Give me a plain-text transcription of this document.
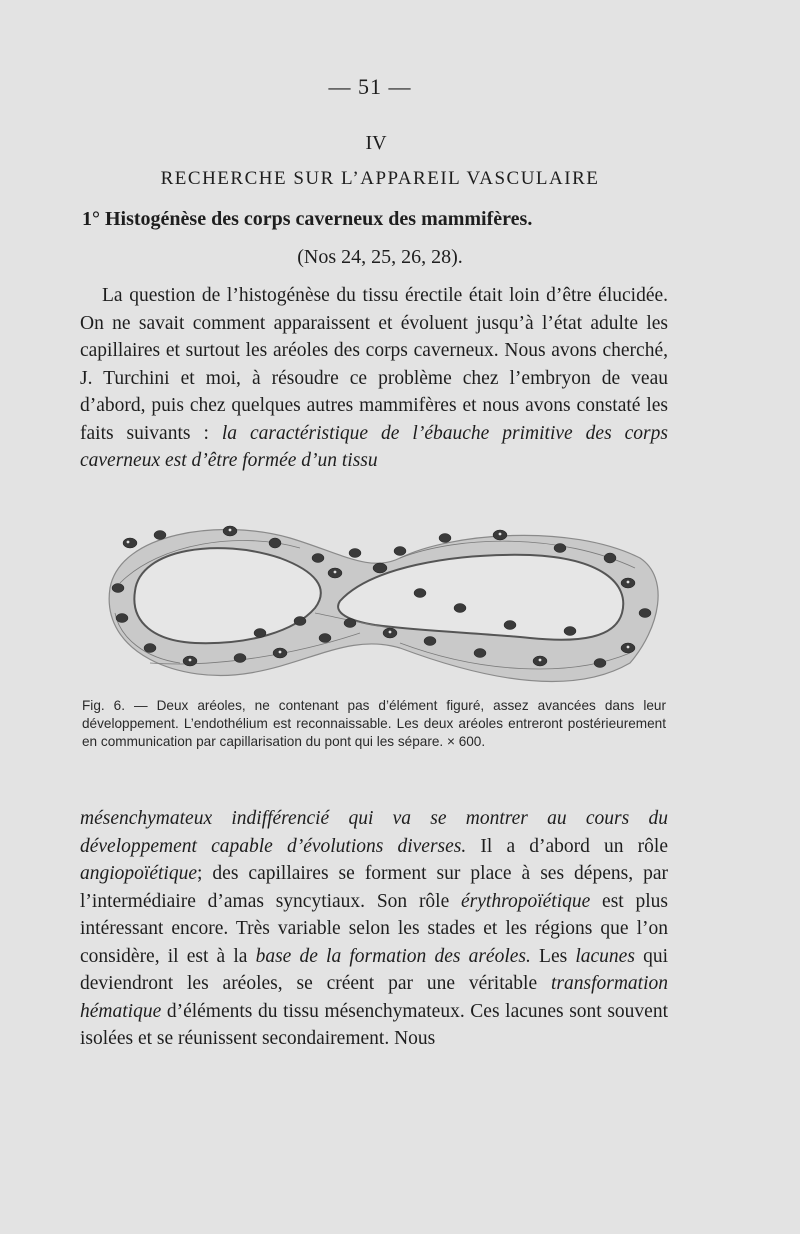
— 51 —
IV
RECHERCHE SUR L’APPAREIL VASCULAIRE
1° Histogénèse des corps caverneux des mammifères.
(Nos 24, 25, 26, 28).
La question de l’histogénèse du tissu érectile était loin d’être élucidée. On ne savait comment apparaissent et évoluent jusqu’à l’état adulte les capillaires et surtout les aréoles des corps caverneux. Nous avons cherché, J. Turchini et moi, à résoudre ce problème chez l’embryon de veau d’abord, puis chez quelques autres mammifères et nous avons constaté les faits suivants : la caractéristique de l’ébauche primitive des corps caverneux est d’être formée d’un tissu
Fig. 6. — Deux aréoles, ne contenant pas d’élément figuré, assez avancées dans leur développement. L’endothélium est reconnaissable. Les deux aréoles entreront postérieurement en communication par capillarisation du pont qui les sépare. × 600.
mésenchymateux indifférencié qui va se montrer au cours du développement capable d’évolutions diverses. Il a d’abord un rôle angiopoïétique; des capillaires se forment sur place à ses dépens, par l’intermédiaire d’amas syncytiaux. Son rôle érythropoïétique est plus intéressant encore. Très variable selon les stades et les régions que l’on considère, il est à la base de la formation des aréoles. Les lacunes qui deviendront les aréoles, se créent par une véritable transformation hématique d’éléments du tissu mésenchymateux. Ces lacunes sont souvent isolées et se réunissent secondairement. Nous
